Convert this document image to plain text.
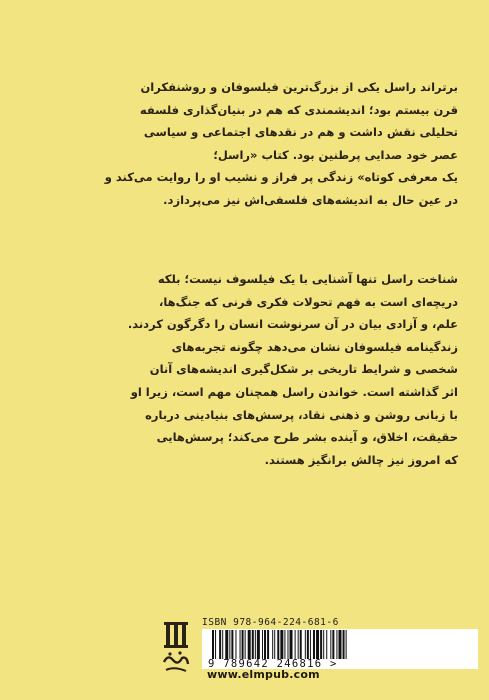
برتراند راسل یکی از بزرگ‌ترین فیلسوفان و روشنفکران
قرن بیستم بود؛ اندیشمندی که هم در بنیان‌گذاری فلسفه
تحلیلی نقش داشت و هم در نقدهای اجتماعی و سیاسی
عصر خود صدایی پرطنین بود. کتاب «راسل؛
یک معرفی کوتاه» زندگی پر فراز و نشیب او را روایت می‌کند و
در عین حال به اندیشه‌های فلسفی‌اش نیز می‌پردازد.
شناخت راسل تنها آشنایی با یک فیلسوف نیست؛ بلکه
دریچه‌ای است به فهم تحولات فکری قرنی که جنگ‌ها،
علم، و آزادی بیان در آن سرنوشت انسان را دگرگون کردند.
زندگینامه فیلسوفان نشان می‌دهد چگونه تجربه‌های
شخصی و شرایط تاریخی بر شکل‌گیری اندیشه‌های آنان
اثر گذاشته است. خواندن راسل همچنان مهم است، زیرا او
با زبانی روشن و ذهنی نقاد، پرسش‌های بنیادینی درباره
حقیقت، اخلاق، و آینده بشر طرح می‌کند؛ پرسش‌هایی
که امروز نیز چالش برانگیز هستند.
ISBN 978-964-224-681-6
9 789642 246816 >
www.elmpub.com
